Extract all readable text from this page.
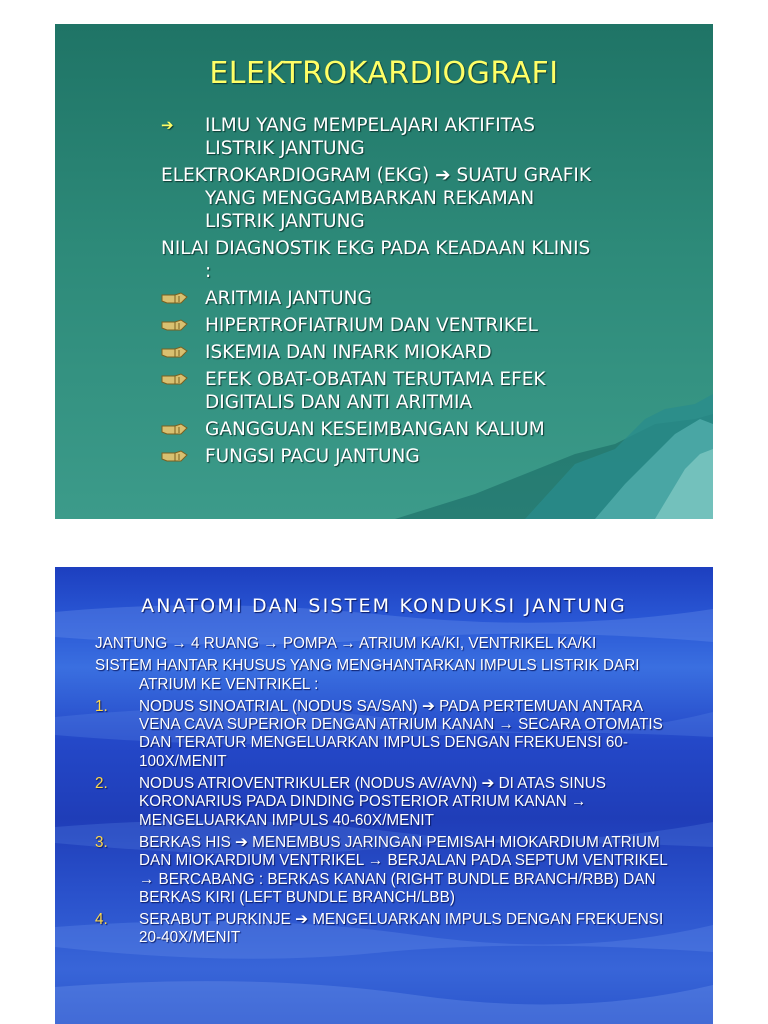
ELEKTROKARDIOGRAFI
➔	ILMU YANG MEMPELAJARI AKTIFITAS LISTRIK JANTUNG
ELEKTROKARDIOGRAM (EKG) ➔ SUATU GRAFIK YANG MENGGAMBARKAN REKAMAN LISTRIK JANTUNG
NILAI DIAGNOSTIK EKG PADA KEADAAN KLINIS :
ARITMIA JANTUNG
HIPERTROFIATRIUM DAN VENTRIKEL
ISKEMIA DAN INFARK MIOKARD
EFEK OBAT-OBATAN TERUTAMA EFEK DIGITALIS DAN ANTI ARITMIA
GANGGUAN KESEIMBANGAN KALIUM
FUNGSI PACU JANTUNG
ANATOMI DAN SISTEM KONDUKSI JANTUNG
JANTUNG → 4 RUANG → POMPA → ATRIUM KA/KI, VENTRIKEL KA/KI
SISTEM HANTAR KHUSUS YANG MENGHANTARKAN IMPULS LISTRIK DARI ATRIUM KE VENTRIKEL :
1. NODUS SINOATRIAL (NODUS SA/SAN) ➔ PADA PERTEMUAN ANTARA VENA CAVA SUPERIOR DENGAN ATRIUM KANAN → SECARA OTOMATIS DAN TERATUR MENGELUARKAN IMPULS DENGAN FREKUENSI 60-100X/MENIT
2. NODUS ATRIOVENTRIKULER (NODUS AV/AVN) ➔ DI ATAS SINUS KORONARIUS PADA DINDING POSTERIOR ATRIUM KANAN → MENGELUARKAN IMPULS 40-60X/MENIT
3. BERKAS HIS ➔ MENEMBUS JARINGAN PEMISAH MIOKARDIUM ATRIUM DAN MIOKARDIUM VENTRIKEL → BERJALAN PADA SEPTUM VENTRIKEL → BERCABANG : BERKAS KANAN (RIGHT BUNDLE BRANCH/RBB) DAN BERKAS KIRI (LEFT BUNDLE BRANCH/LBB)
4. SERABUT PURKINJE ➔ MENGELUARKAN IMPULS DENGAN FREKUENSI 20-40X/MENIT
